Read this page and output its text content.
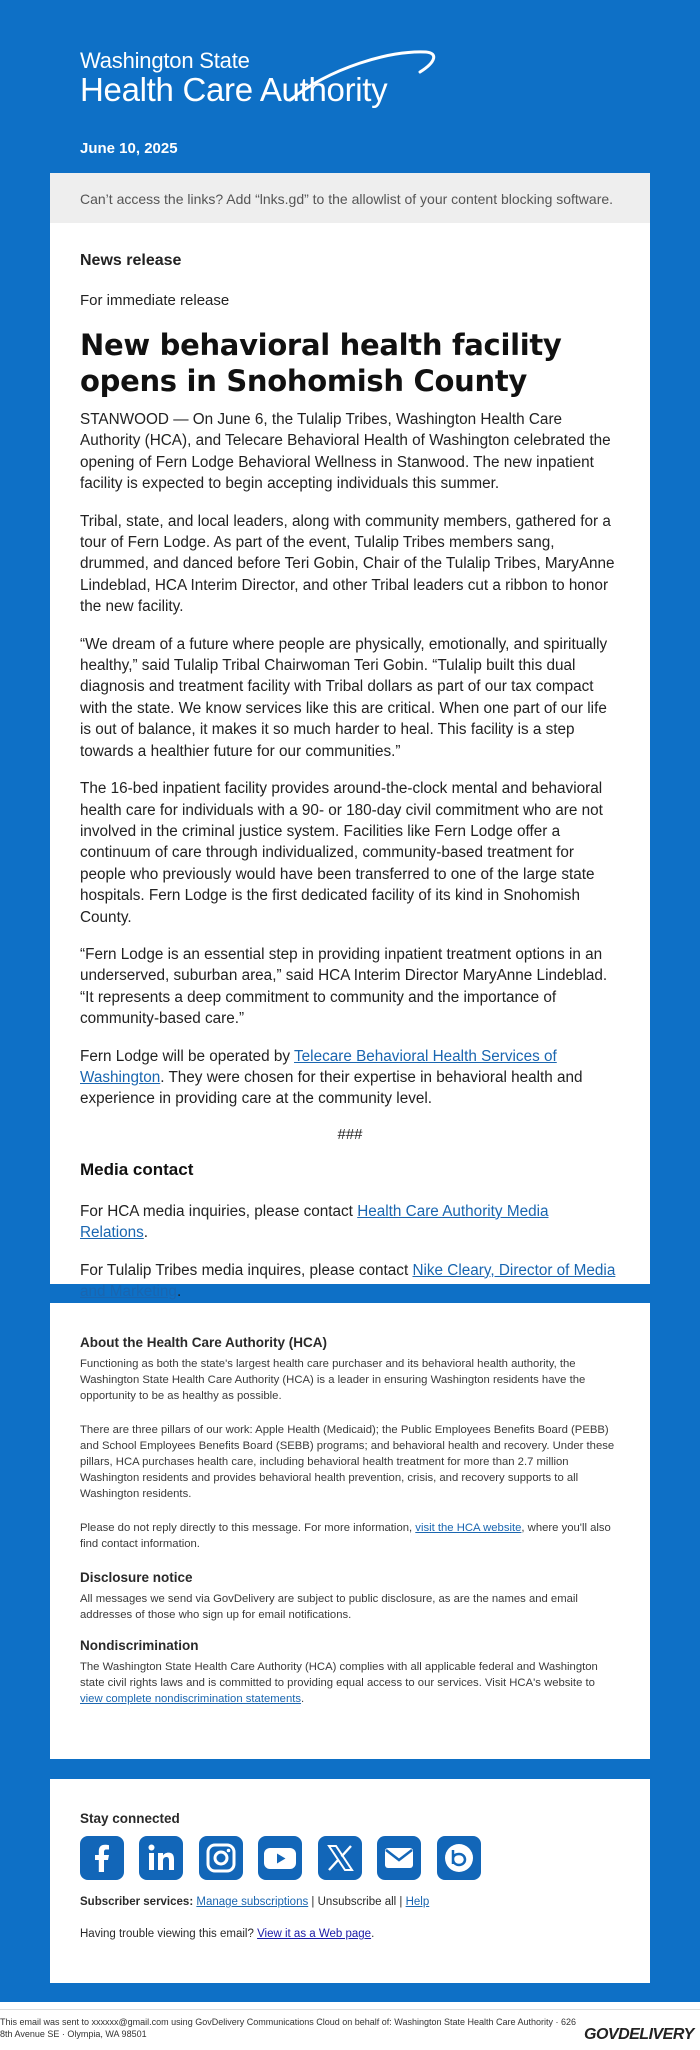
Washington State
Health Care Authority
June 10, 2025
Can’t access the links? Add “lnks.gd” to the allowlist of your content blocking software.
News release
For immediate release
New behavioral health facility opens in Snohomish County

STANWOOD — On June 6, the Tulalip Tribes, Washington Health Care Authority (HCA), and Telecare Behavioral Health of Washington celebrated the opening of Fern Lodge Behavioral Wellness in Stanwood. The new inpatient facility is expected to begin accepting individuals this summer.

Tribal, state, and local leaders, along with community members, gathered for a tour of Fern Lodge. As part of the event, Tulalip Tribes members sang, drummed, and danced before Teri Gobin, Chair of the Tulalip Tribes, MaryAnne Lindeblad, HCA Interim Director, and other Tribal leaders cut a ribbon to honor the new facility.

“We dream of a future where people are physically, emotionally, and spiritually healthy,” said Tulalip Tribal Chairwoman Teri Gobin. “Tulalip built this dual diagnosis and treatment facility with Tribal dollars as part of our tax compact with the state. We know services like this are critical. When one part of our life is out of balance, it makes it so much harder to heal. This facility is a step towards a healthier future for our communities.”

The 16-bed inpatient facility provides around-the-clock mental and behavioral health care for individuals with a 90- or 180-day civil commitment who are not involved in the criminal justice system. Facilities like Fern Lodge offer a continuum of care through individualized, community-based treatment for people who previously would have been transferred to one of the large state hospitals. Fern Lodge is the first dedicated facility of its kind in Snohomish County.

“Fern Lodge is an essential step in providing inpatient treatment options in an underserved, suburban area,” said HCA Interim Director MaryAnne Lindeblad. “It represents a deep commitment to community and the importance of community-based care.”

Fern Lodge will be operated by Telecare Behavioral Health Services of Washington. They were chosen for their expertise in behavioral health and experience in providing care at the community level.

###
Media contact

For HCA media inquiries, please contact Health Care Authority Media Relations.

For Tulalip Tribes media inquires, please contact Nike Cleary, Director of Media and Marketing.

About the Health Care Authority (HCA)

Functioning as both the state's largest health care purchaser and its behavioral health authority, the Washington State Health Care Authority (HCA) is a leader in ensuring Washington residents have the opportunity to be as healthy as possible.

There are three pillars of our work: Apple Health (Medicaid); the Public Employees Benefits Board (PEBB) and School Employees Benefits Board (SEBB) programs; and behavioral health and recovery. Under these pillars, HCA purchases health care, including behavioral health treatment for more than 2.7 million Washington residents and provides behavioral health prevention, crisis, and recovery supports to all Washington residents.

Please do not reply directly to this message. For more information, visit the HCA website, where you'll also find contact information.

Disclosure notice

All messages we send via GovDelivery are subject to public disclosure, as are the names and email addresses of those who sign up for email notifications.

Nondiscrimination

The Washington State Health Care Authority (HCA) complies with all applicable federal and Washington state civil rights laws and is committed to providing equal access to our services. Visit HCA's website to view complete nondiscrimination statements.

Stay connected

Subscriber services: Manage subscriptions | Unsubscribe all | Help

Having trouble viewing this email? View it as a Web page.

This email was sent to xxxxxx@gmail.com using GovDelivery Communications Cloud on behalf of: Washington State Health Care Authority · 626 8th Avenue SE · Olympia, WA 98501	GOVDELIVERY
